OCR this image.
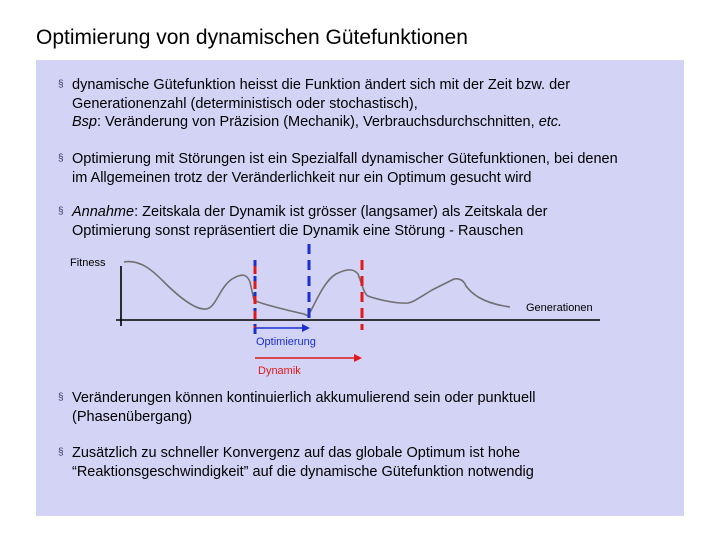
Optimierung von dynamischen Gütefunktionen
§ dynamische Gütefunktion heisst die Funktion ändert sich mit der Zeit bzw. der
Generationenzahl (deterministisch oder stochastisch),
Bsp: Veränderung von Präzision (Mechanik), Verbrauchsdurchschnitten, etc.
§ Optimierung mit Störungen ist ein Spezialfall dynamischer Gütefunktionen, bei denen
im Allgemeinen trotz der Veränderlichkeit nur ein Optimum gesucht wird
§ Annahme: Zeitskala der Dynamik ist grösser (langsamer) als Zeitskala der
Optimierung sonst repräsentiert die Dynamik eine Störung - Rauschen
Fitness
Generationen
Optimierung
Dynamik
§ Veränderungen können kontinuierlich akkumulierend sein oder punktuell
(Phasenübergang)
§ Zusätzlich zu schneller Konvergenz auf das globale Optimum ist hohe
“Reaktionsgeschwindigkeit” auf die dynamische Gütefunktion notwendig
